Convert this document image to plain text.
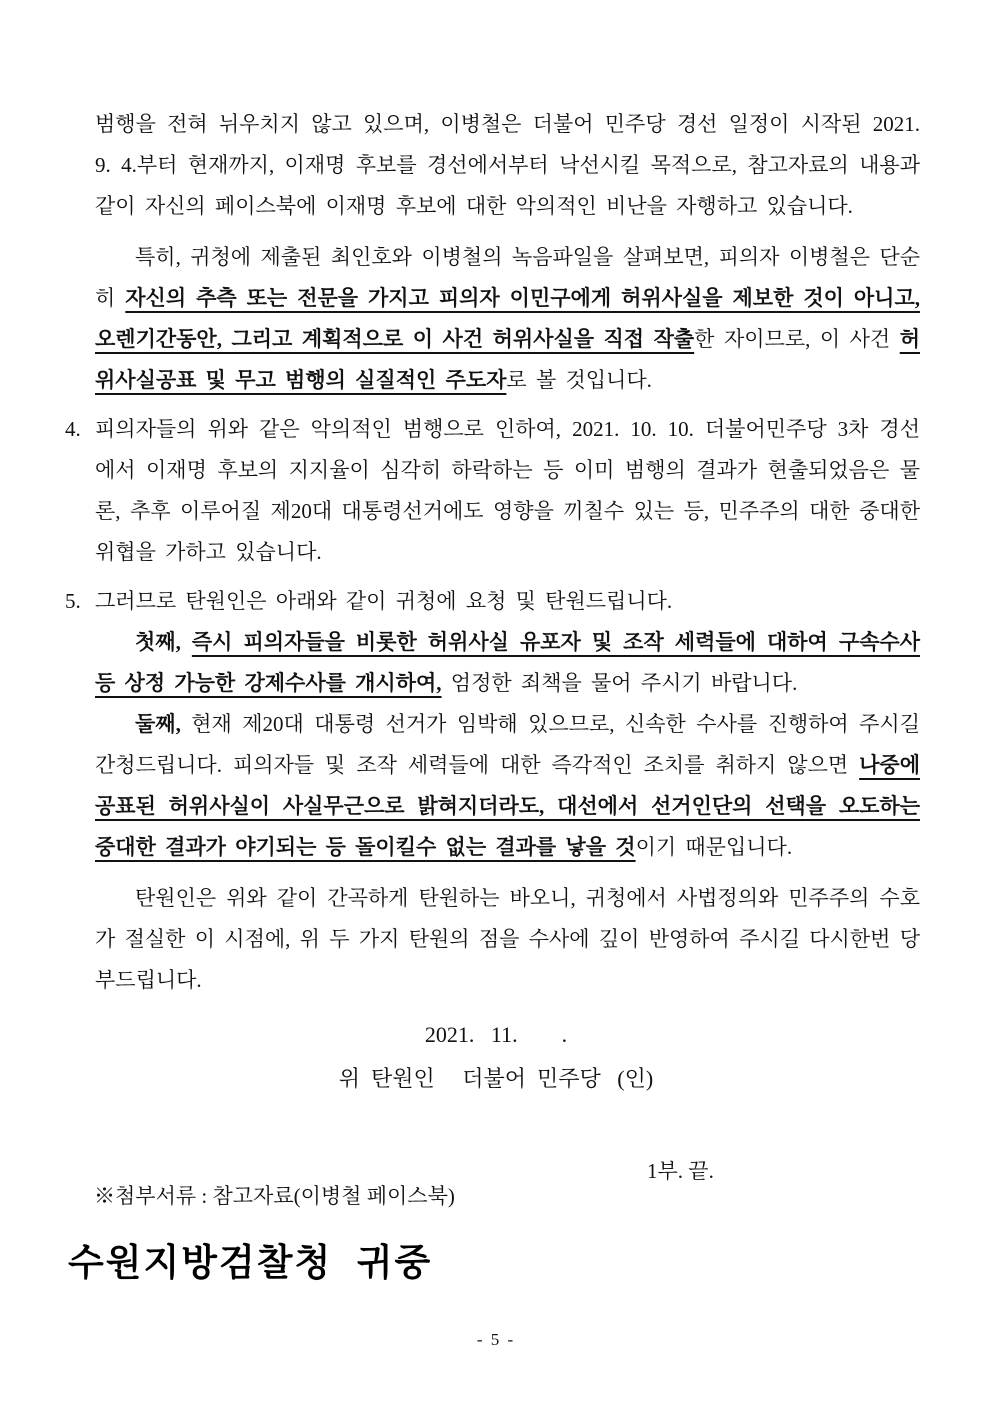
범행을 전혀 뉘우치지 않고 있으며, 이병철은 더불어 민주당 경선 일정이 시작된 2021. 9. 4.부터 현재까지, 이재명 후보를 경선에서부터 낙선시킬 목적으로, 참고자료의 내용과 같이 자신의 페이스북에 이재명 후보에 대한 악의적인 비난을 자행하고 있습니다.

특히, 귀청에 제출된 최인호와 이병철의 녹음파일을 살펴보면, 피의자 이병철은 단순히 자신의 추측 또는 전문을 가지고 피의자 이민구에게 허위사실을 제보한 것이 아니고, 오렌기간동안, 그리고 계획적으로 이 사건 허위사실을 직접 작출한 자이므로, 이 사건 허위사실공표 및 무고 범행의 실질적인 주도자로 볼 것입니다.

4. 피의자들의 위와 같은 악의적인 범행으로 인하여, 2021. 10. 10. 더불어민주당 3차 경선에서 이재명 후보의 지지율이 심각히 하락하는 등 이미 범행의 결과가 현출되었음은 물론, 추후 이루어질 제20대 대통령선거에도 영향을 끼칠수 있는 등, 민주주의 대한 중대한 위협을 가하고 있습니다.

5. 그러므로 탄원인은 아래와 같이 귀청에 요청 및 탄원드립니다.

첫째, 즉시 피의자들을 비롯한 허위사실 유포자 및 조작 세력들에 대하여 구속수사 등 상정 가능한 강제수사를 개시하여, 엄정한 죄책을 물어 주시기 바랍니다.

둘째, 현재 제20대 대통령 선거가 임박해 있으므로, 신속한 수사를 진행하여 주시길 간청드립니다. 피의자들 및 조작 세력들에 대한 즉각적인 조치를 취하지 않으면 나중에 공표된 허위사실이 사실무근으로 밝혀지더라도, 대선에서 선거인단의 선택을 오도하는 중대한 결과가 야기되는 등 돌이킬수 없는 결과를 낳을 것이기 때문입니다.

탄원인은 위와 같이 간곡하게 탄원하는 바오니, 귀청에서 사법정의와 민주주의 수호가 절실한 이 시점에, 위 두 가지 탄원의 점을 수사에 깊이 반영하여 주시길 다시한번 당부드립니다.

2021.   11.        .
위  탄원인     더불어  민주당   (인)

※첨부서류 : 참고자료(이병철 페이스북)

1부. 끝.

수원지방검찰청  귀중
- 5 -
